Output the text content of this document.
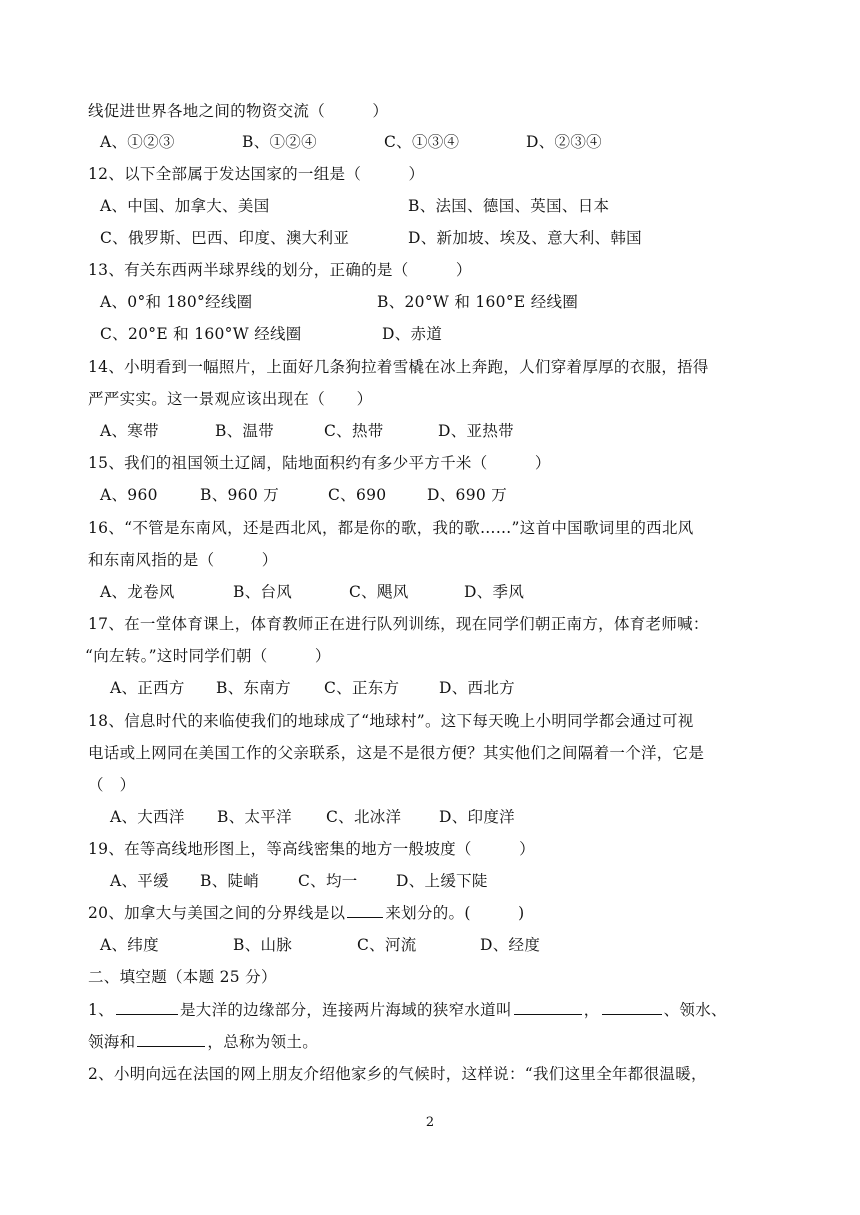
线促进世界各地之间的物资交流（　　　）
A、①②③	B、①②④	C、①③④	D、②③④
12、以下全部属于发达国家的一组是（　　　）
A、中国、加拿大、美国	B、法国、德国、英国、日本
C、俄罗斯、巴西、印度、澳大利亚	D、新加坡、埃及、意大利、韩国
13、有关东西两半球界线的划分，正确的是（　　　）
A、0°和 180°经线圈	B、20°W 和 160°E 经线圈
C、20°E 和 160°W 经线圈	D、赤道
14、小明看到一幅照片，上面好几条狗拉着雪橇在冰上奔跑，人们穿着厚厚的衣服，捂得
严严实实。这一景观应该出现在（　　）
A、寒带	B、温带	C、热带	D、亚热带
15、我们的祖国领土辽阔，陆地面积约有多少平方千米（　　　）
A、960	B、960 万	C、690	D、690 万
16、“不管是东南风，还是西北风，都是你的歌，我的歌……”这首中国歌词里的西北风
和东南风指的是（　　　）
A、龙卷风	B、台风	C、飓风	D、季风
17、在一堂体育课上，体育教师正在进行队列训练，现在同学们朝正南方，体育老师喊：
“向左转。”这时同学们朝（　　　）
A、正西方 B、东南方 C、正东方	D、西北方
18、信息时代的来临使我们的地球成了“地球村”。这下每天晚上小明同学都会通过可视
电话或上网同在美国工作的父亲联系，这是不是很方便？其实他们之间隔着一个洋，它是
（　）
A、大西洋 B、太平洋 C、北冰洋 D、印度洋
19、在等高线地形图上，等高线密集的地方一般坡度（　　　）
A、平缓 B、陡峭	C、均一 D、上缓下陡
20、加拿大与美国之间的分界线是以	来划分的。(　　　)
A、纬度	B、山脉	C、河流	D、经度
二、填空题（本题 25 分）
1、	是大洋的边缘部分，连接两片海域的狭窄水道叫	，	、领水、
领海和	，总称为领土。
2、小明向远在法国的网上朋友介绍他家乡的气候时，这样说：“我们这里全年都很温暖，
2
